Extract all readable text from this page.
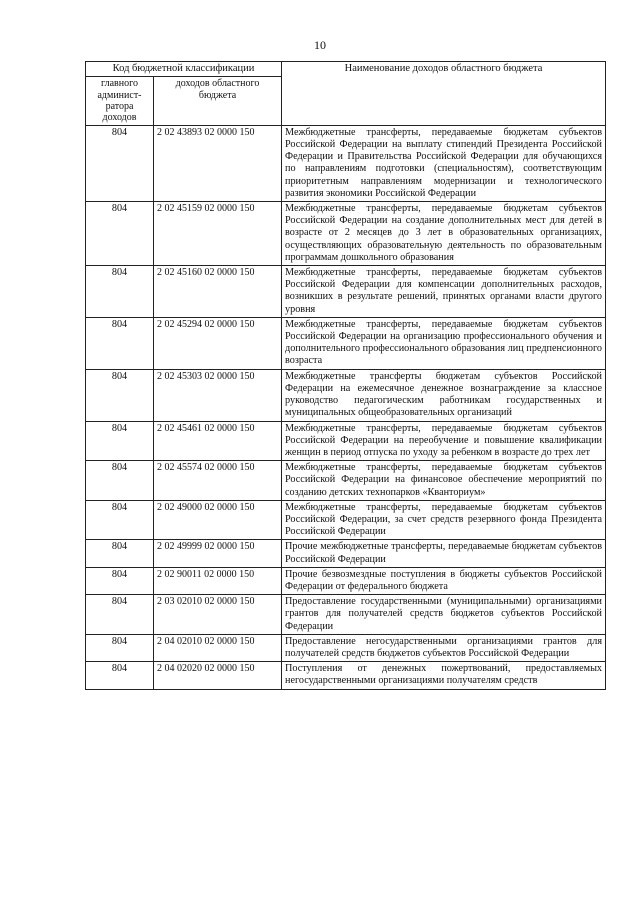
10
Код бюджетной классификации		Наименование доходов областного бюджета
главного админист-ратора доходов	доходов областного бюджета	
804	2 02 43893 02 0000 150	Межбюджетные трансферты, передаваемые бюджетам субъектов Российской Федерации на выплату стипендий Президента Российской Федерации и Правительства Российской Федерации для обучающихся по направлениям подготовки (специальностям), соответствующим приоритетным направлениям модернизации и технологического развития экономики Российской Федерации
804	2 02 45159 02 0000 150	Межбюджетные трансферты, передаваемые бюджетам субъектов Российской Федерации на создание дополнительных мест для детей в возрасте от 2 месяцев до 3 лет в образовательных организациях, осуществляющих образовательную деятельность по образовательным программам дошкольного образования
804	2 02 45160 02 0000 150	Межбюджетные трансферты, передаваемые бюджетам субъектов Российской Федерации для компенсации дополнительных расходов, возникших в результате решений, принятых органами власти другого уровня
804	2 02 45294 02 0000 150	Межбюджетные трансферты, передаваемые бюджетам субъектов Российской Федерации на организацию профессионального обучения и дополнительного профессионального образования лиц предпенсионного возраста
804	2 02 45303 02 0000 150	Межбюджетные трансферты бюджетам субъектов Российской Федерации на ежемесячное денежное вознаграждение за классное руководство педагогическим работникам государственных и муниципальных общеобразовательных организаций
804	2 02 45461 02 0000 150	Межбюджетные трансферты, передаваемые бюджетам субъектов Российской Федерации на переобучение и повышение квалификации женщин в период отпуска по уходу за ребенком в возрасте до трех лет
804	2 02 45574 02 0000 150	Межбюджетные трансферты, передаваемые бюджетам субъектов Российской Федерации на финансовое обеспечение мероприятий по созданию детских технопарков «Кванториум»
804	2 02 49000 02 0000 150	Межбюджетные трансферты, передаваемые бюджетам субъектов Российской Федерации, за счет средств резервного фонда Президента Российской Федерации
804	2 02 49999 02 0000 150	Прочие межбюджетные трансферты, передаваемые бюджетам субъектов Российской Федерации
804	2 02 90011 02 0000 150	Прочие безвозмездные поступления в бюджеты субъектов Российской Федерации от федерального бюджета
804	2 03 02010 02 0000 150	Предоставление государственными (муниципальными) организациями грантов для получателей средств бюджетов субъектов Российской Федерации
804	2 04 02010 02 0000 150	Предоставление негосударственными организациями грантов для получателей средств бюджетов субъектов Российской Федерации
804	2 04 02020 02 0000 150	Поступления от денежных пожертвований, предоставляемых негосударственными организациями получателям средств
